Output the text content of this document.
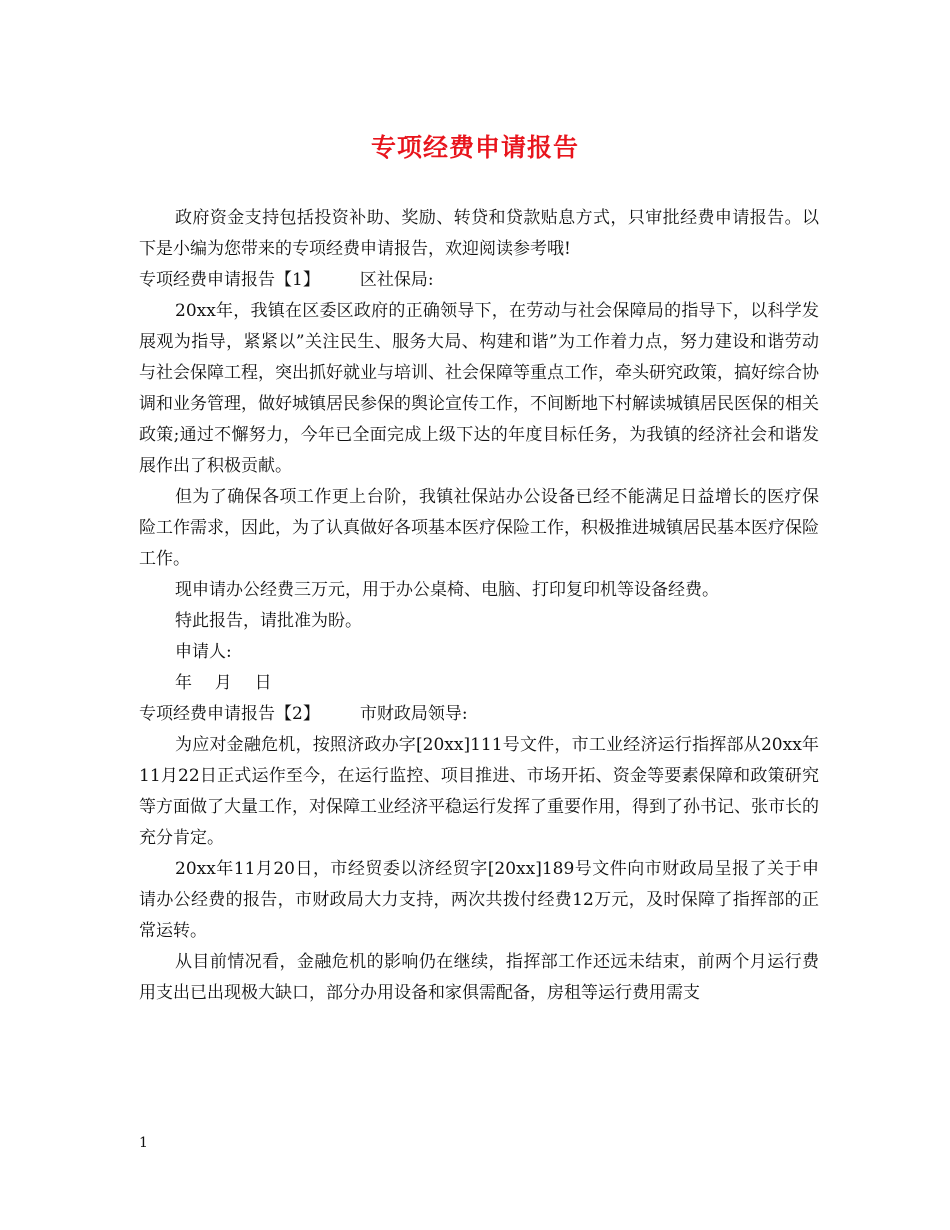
专项经费申请报告

政府资金支持包括投资补助、奖励、转贷和贷款贴息方式，只审批经费申请报告。以下是小编为您带来的专项经费申请报告，欢迎阅读参考哦!

专项经费申请报告【1】 区社保局:

20xx年，我镇在区委区政府的正确领导下，在劳动与社会保障局的指导下，以科学发展观为指导，紧紧以”关注民生、服务大局、构建和谐”为工作着力点，努力建设和谐劳动与社会保障工程，突出抓好就业与培训、社会保障等重点工作，牵头研究政策，搞好综合协调和业务管理，做好城镇居民参保的舆论宣传工作，不间断地下村解读城镇居民医保的相关政策;通过不懈努力，今年已全面完成上级下达的年度目标任务，为我镇的经济社会和谐发展作出了积极贡献。

但为了确保各项工作更上台阶，我镇社保站办公设备已经不能满足日益增长的医疗保险工作需求，因此，为了认真做好各项基本医疗保险工作，积极推进城镇居民基本医疗保险工作。

现申请办公经费三万元，用于办公桌椅、电脑、打印复印机等设备经费。

特此报告，请批准为盼。

申请人:

年  月  日

专项经费申请报告【2】 市财政局领导:

为应对金融危机，按照济政办字[20xx]111号文件，市工业经济运行指挥部从20xx年11月22日正式运作至今，在运行监控、项目推进、市场开拓、资金等要素保障和政策研究等方面做了大量工作，对保障工业经济平稳运行发挥了重要作用，得到了孙书记、张市长的充分肯定。

20xx年11月20日，市经贸委以济经贸字[20xx]189号文件向市财政局呈报了关于申请办公经费的报告，市财政局大力支持，两次共拨付经费12万元，及时保障了指挥部的正常运转。

从目前情况看，金融危机的影响仍在继续，指挥部工作还远未结束，前两个月运行费用支出已出现极大缺口，部分办用设备和家俱需配备，房租等运行费用需支

1
